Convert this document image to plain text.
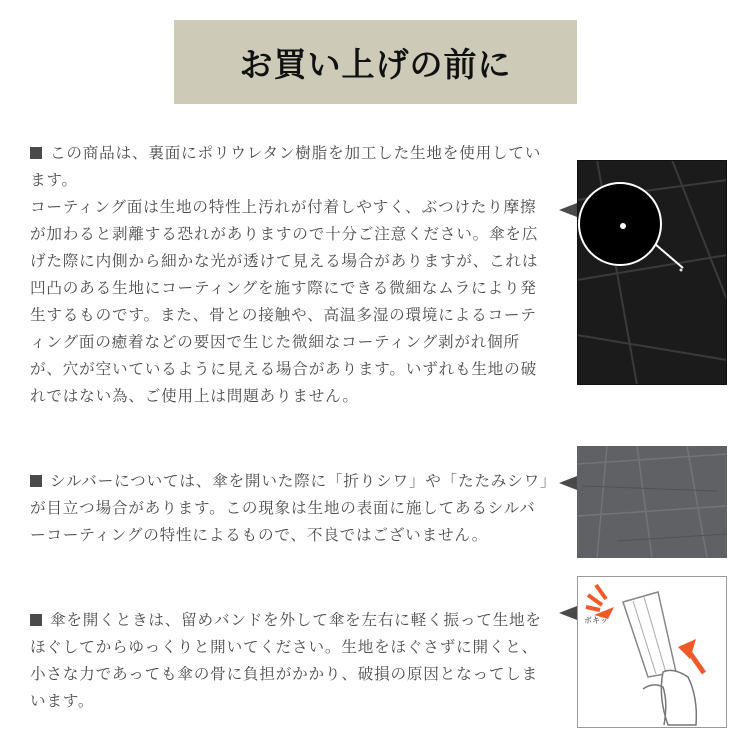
お買い上げの前に

この商品は、裏面にポリウレタン樹脂を加工した生地を使用しています。

コーティング面は生地の特性上汚れが付着しやすく、ぶつけたり摩擦が加わると剥離する恐れがありますので十分ご注意ください。傘を広げた際に内側から細かな光が透けて見える場合がありますが、これは凹凸のある生地にコーティングを施す際にできる微細なムラにより発生するものです。また、骨との接触や、高温多湿の環境によるコーティング面の癒着などの要因で生じた微細なコーティング剥がれ個所が、穴が空いているように見える場合があります。いずれも生地の破れではない為、ご使用上は問題ありません。

シルバーについては、傘を開いた際に「折りシワ」や「たたみシワ」が目立つ場合があります。この現象は生地の表面に施してあるシルバーコーティングの特性によるもので、不良ではございません。

傘を開くときは、留めバンドを外して傘を左右に軽く振って生地をほぐしてからゆっくりと開いてください。生地をほぐさずに開くと、小さな力であっても傘の骨に負担がかかり、破損の原因となってしまいます。

ボキッ
